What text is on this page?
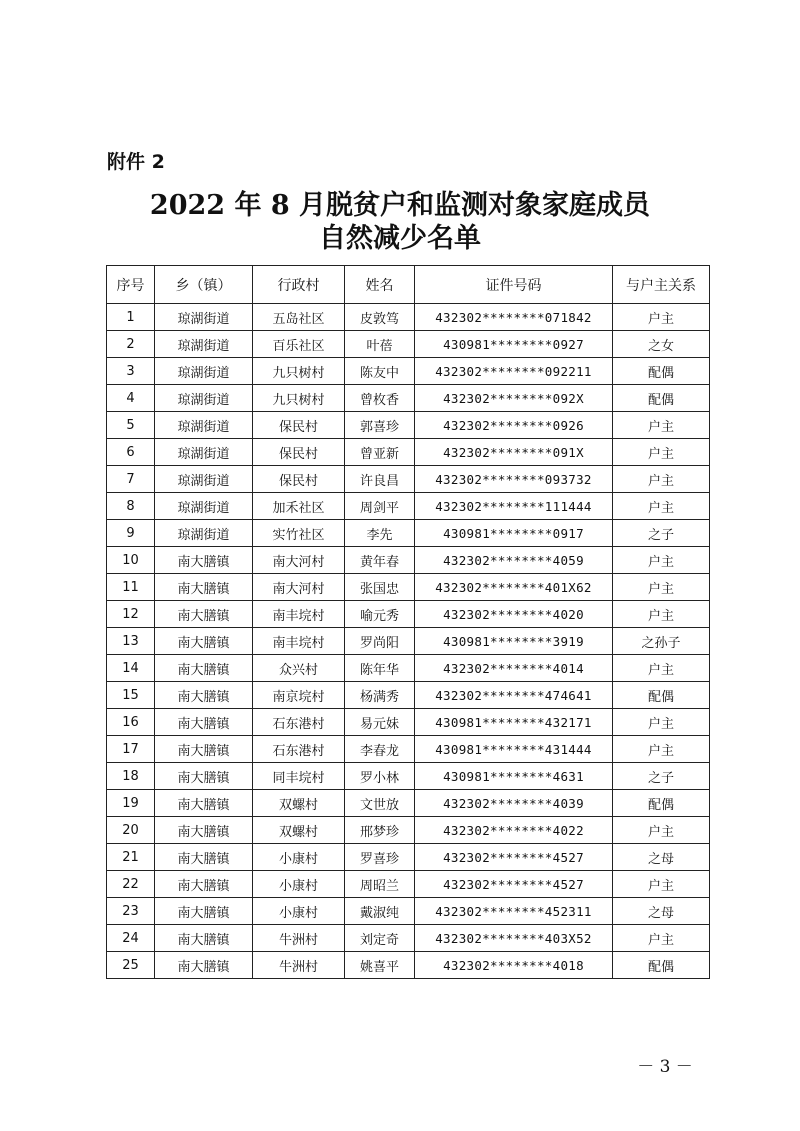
附件 2
2022 年 8 月脱贫户和监测对象家庭成员
自然减少名单
序号	乡（镇）	行政村	姓名	证件号码	与户主关系
1	琼湖街道	五岛社区	皮敦笃	432302********071842	户主
2	琼湖街道	百乐社区	叶蓓	430981********0927	之女
3	琼湖街道	九只树村	陈友中	432302********092211	配偶
4	琼湖街道	九只树村	曾枚香	432302********092X	配偶
5	琼湖街道	保民村	郭喜珍	432302********0926	户主
6	琼湖街道	保民村	曾亚新	432302********091X	户主
7	琼湖街道	保民村	许良昌	432302********093732	户主
8	琼湖街道	加禾社区	周剑平	432302********111444	户主
9	琼湖街道	实竹社区	李先	430981********0917	之子
10	南大膳镇	南大河村	黄年春	432302********4059	户主
11	南大膳镇	南大河村	张国忠	432302********401X62	户主
12	南大膳镇	南丰垸村	喻元秀	432302********4020	户主
13	南大膳镇	南丰垸村	罗尚阳	430981********3919	之孙子
14	南大膳镇	众兴村	陈年华	432302********4014	户主
15	南大膳镇	南京垸村	杨满秀	432302********474641	配偶
16	南大膳镇	石东港村	易元妹	430981********432171	户主
17	南大膳镇	石东港村	李春龙	430981********431444	户主
18	南大膳镇	同丰垸村	罗小林	430981********4631	之子
19	南大膳镇	双螺村	文世放	432302********4039	配偶
20	南大膳镇	双螺村	邢梦珍	432302********4022	户主
21	南大膳镇	小康村	罗喜珍	432302********4527	之母
22	南大膳镇	小康村	周昭兰	432302********4527	户主
23	南大膳镇	小康村	戴淑纯	432302********452311	之母
24	南大膳镇	牛洲村	刘定奇	432302********403X52	户主
25	南大膳镇	牛洲村	姚喜平	432302********4018	配偶
－ 3 －
